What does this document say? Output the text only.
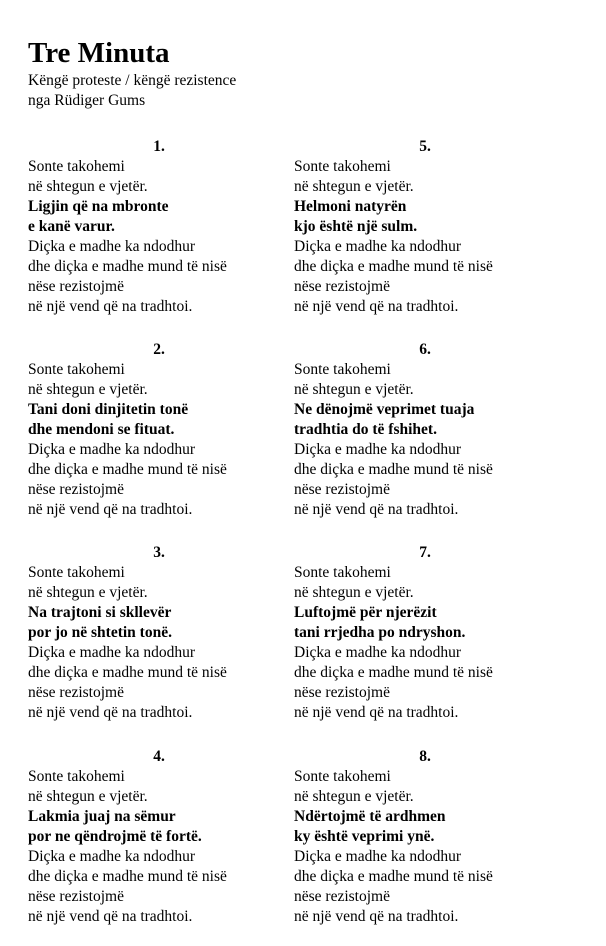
Tre Minuta
Këngë proteste / këngë rezistence
nga Rüdiger Gums
1.
Sonte takohemi
në shtegun e vjetër.
Ligjin që na mbronte
e kanë varur.
Diçka e madhe ka ndodhur
dhe diçka e madhe mund të nisë
nëse rezistojmë
në një vend që na tradhtoi.
2.
Sonte takohemi
në shtegun e vjetër.
Tani doni dinjitetin tonë
dhe mendoni se fituat.
Diçka e madhe ka ndodhur
dhe diçka e madhe mund të nisë
nëse rezistojmë
në një vend që na tradhtoi.
3.
Sonte takohemi
në shtegun e vjetër.
Na trajtoni si skllevër
por jo në shtetin tonë.
Diçka e madhe ka ndodhur
dhe diçka e madhe mund të nisë
nëse rezistojmë
në një vend që na tradhtoi.
4.
Sonte takohemi
në shtegun e vjetër.
Lakmia juaj na sëmur
por ne qëndrojmë të fortë.
Diçka e madhe ka ndodhur
dhe diçka e madhe mund të nisë
nëse rezistojmë
në një vend që na tradhtoi.
5.
Sonte takohemi
në shtegun e vjetër.
Helmoni natyrën
kjo është një sulm.
Diçka e madhe ka ndodhur
dhe diçka e madhe mund të nisë
nëse rezistojmë
në një vend që na tradhtoi.
6.
Sonte takohemi
në shtegun e vjetër.
Ne dënojmë veprimet tuaja
tradhtia do të fshihet.
Diçka e madhe ka ndodhur
dhe diçka e madhe mund të nisë
nëse rezistojmë
në një vend që na tradhtoi.
7.
Sonte takohemi
në shtegun e vjetër.
Luftojmë për njerëzit
tani rrjedha po ndryshon.
Diçka e madhe ka ndodhur
dhe diçka e madhe mund të nisë
nëse rezistojmë
në një vend që na tradhtoi.
8.
Sonte takohemi
në shtegun e vjetër.
Ndërtojmë të ardhmen
ky është veprimi ynë.
Diçka e madhe ka ndodhur
dhe diçka e madhe mund të nisë
nëse rezistojmë
në një vend që na tradhtoi.
